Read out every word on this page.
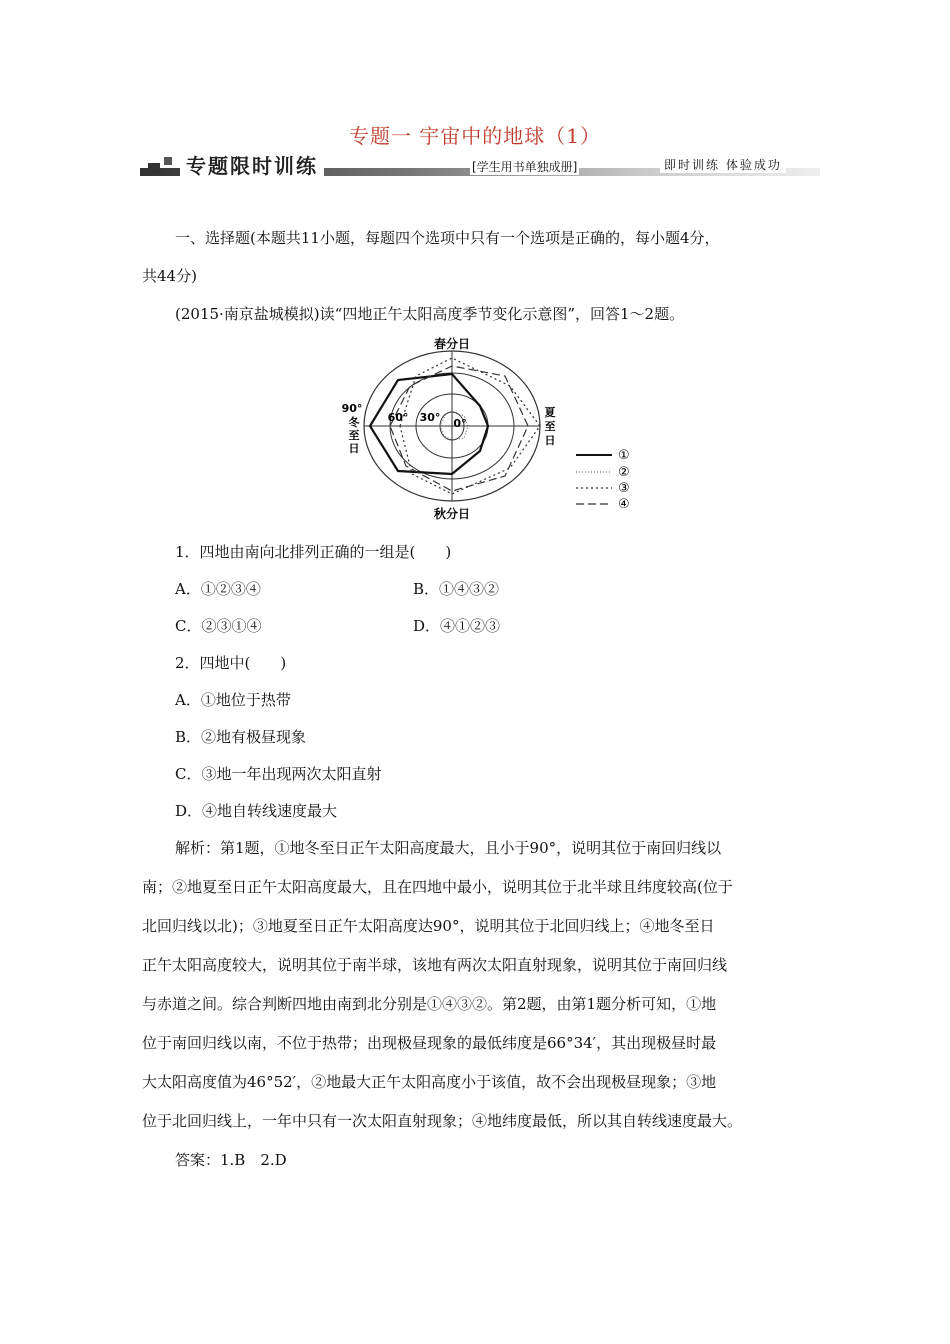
专题一 宇宙中的地球（1）
专题限时训练	[学生用书单独成册]	即时训练 体验成功
一、选择题(本题共11小题，每题四个选项中只有一个选项是正确的，每小题4分，
共44分)
(2015·南京盐城模拟)读“四地正午太阳高度季节变化示意图”，回答1～2题。
春分日
秋分日
90°
冬
至
日
夏
至
日
60° 30° 0°
①
②
③
④
1．四地由南向北排列正确的一组是(　　)
A．①②③④	B．①④③②
C．②③①④	D．④①②③
2．四地中(　　)
A．①地位于热带
B．②地有极昼现象
C．③地一年出现两次太阳直射
D．④地自转线速度最大
解析：第1题，①地冬至日正午太阳高度最大，且小于90°，说明其位于南回归线以
南；②地夏至日正午太阳高度最大，且在四地中最小，说明其位于北半球且纬度较高(位于
北回归线以北)；③地夏至日正午太阳高度达90°，说明其位于北回归线上；④地冬至日
正午太阳高度较大，说明其位于南半球，该地有两次太阳直射现象，说明其位于南回归线
与赤道之间。综合判断四地由南到北分别是①④③②。第2题，由第1题分析可知，①地
位于南回归线以南，不位于热带；出现极昼现象的最低纬度是66°34′，其出现极昼时最
大太阳高度值为46°52′，②地最大正午太阳高度小于该值，故不会出现极昼现象；③地
位于北回归线上，一年中只有一次太阳直射现象；④地纬度最低，所以其自转线速度最大。
答案：1.B　2.D
